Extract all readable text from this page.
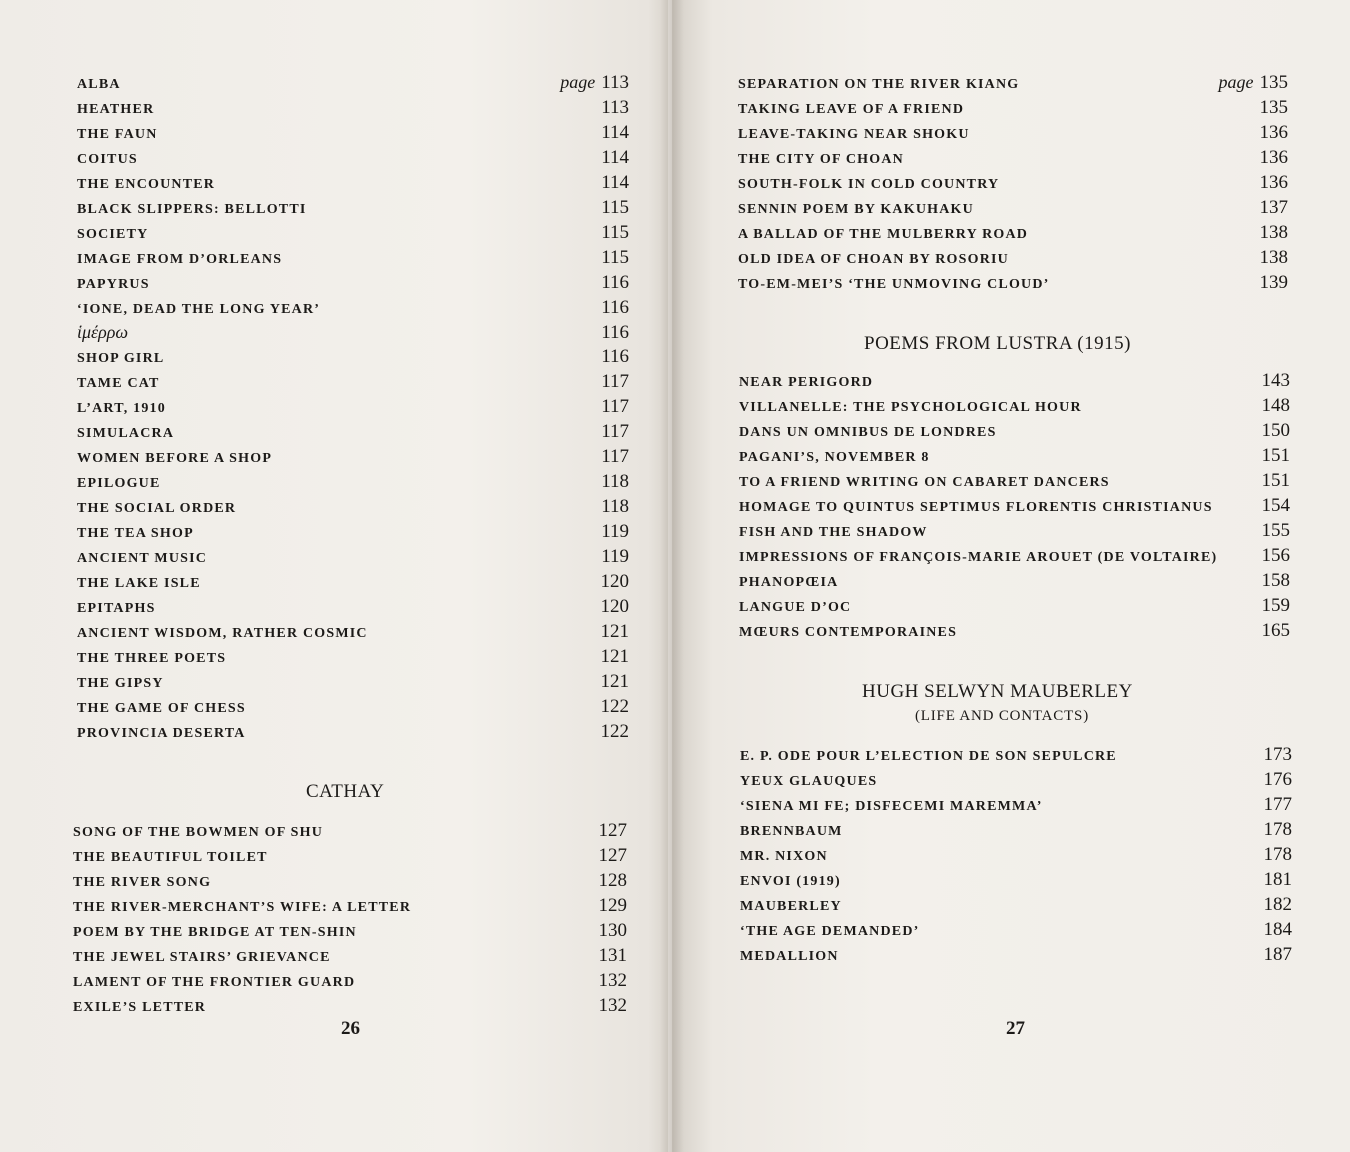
ALBA	page 113
HEATHER	113
THE FAUN	114
COITUS	114
THE ENCOUNTER	114
BLACK SLIPPERS: BELLOTTI	115
SOCIETY	115
IMAGE FROM D’ORLEANS	115
PAPYRUS	116
‘IONE, DEAD THE LONG YEAR’	116
ἱμέρρω	116
SHOP GIRL	116
TAME CAT	117
L’ART, 1910	117
SIMULACRA	117
WOMEN BEFORE A SHOP	117
EPILOGUE	118
THE SOCIAL ORDER	118
THE TEA SHOP	119
ANCIENT MUSIC	119
THE LAKE ISLE	120
EPITAPHS	120
ANCIENT WISDOM, RATHER COSMIC	121
THE THREE POETS	121
THE GIPSY	121
THE GAME OF CHESS	122
PROVINCIA DESERTA	122
CATHAY
SONG OF THE BOWMEN OF SHU	127
THE BEAUTIFUL TOILET	127
THE RIVER SONG	128
THE RIVER-MERCHANT’S WIFE: A LETTER	129
POEM BY THE BRIDGE AT TEN-SHIN	130
THE JEWEL STAIRS’ GRIEVANCE	131
LAMENT OF THE FRONTIER GUARD	132
EXILE’S LETTER	132
26
SEPARATION ON THE RIVER KIANG	page 135
TAKING LEAVE OF A FRIEND	135
LEAVE-TAKING NEAR SHOKU	136
THE CITY OF CHOAN	136
SOUTH-FOLK IN COLD COUNTRY	136
SENNIN POEM BY KAKUHAKU	137
A BALLAD OF THE MULBERRY ROAD	138
OLD IDEA OF CHOAN BY ROSORIU	138
TO-EM-MEI’S ‘THE UNMOVING CLOUD’	139
POEMS FROM LUSTRA (1915)
NEAR PERIGORD	143
VILLANELLE: THE PSYCHOLOGICAL HOUR	148
DANS UN OMNIBUS DE LONDRES	150
PAGANI’S, NOVEMBER 8	151
TO A FRIEND WRITING ON CABARET DANCERS	151
HOMAGE TO QUINTUS SEPTIMUS FLORENTIS CHRISTIANUS	154
FISH AND THE SHADOW	155
IMPRESSIONS OF FRANÇOIS-MARIE AROUET (DE VOLTAIRE) 156
PHANOPŒIA	158
LANGUE D’OC	159
MŒURS CONTEMPORAINES	165
HUGH SELWYN MAUBERLEY
(LIFE AND CONTACTS)
E. P. ODE POUR L’ELECTION DE SON SEPULCRE	173
YEUX GLAUQUES	176
‘SIENA MI FE; DISFECEMI MAREMMA’	177
BRENNBAUM	178
MR. NIXON	178
ENVOI (1919)	181
MAUBERLEY	182
‘THE AGE DEMANDED’	184
MEDALLION	187
27
